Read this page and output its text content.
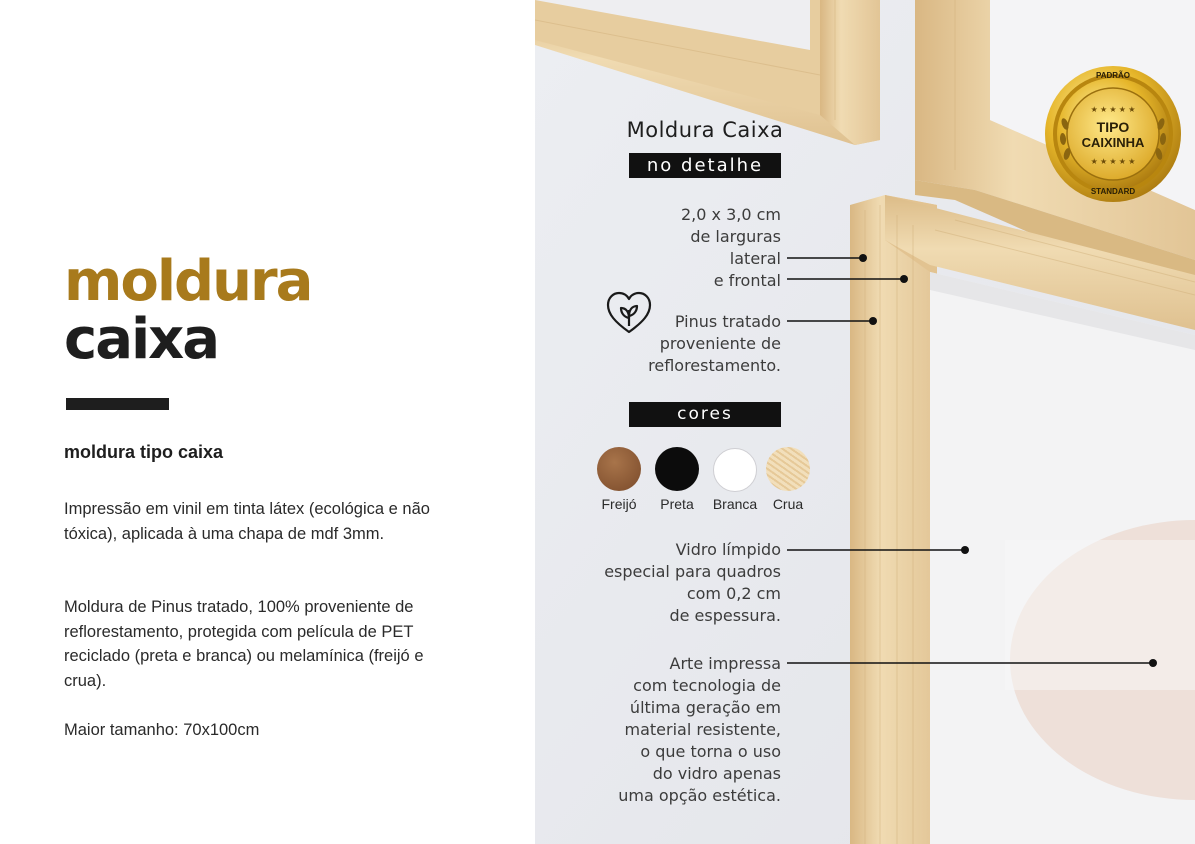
moldura
caixa
moldura tipo caixa

Impressão em vinil em tinta látex (ecológica e não tóxica), aplicada à uma chapa de mdf 3mm.

Moldura de Pinus tratado, 100% proveniente de reflorestamento, protegida com película de PET reciclado (preta e branca) ou melamínica (freijó e crua).

Maior tamanho: 70x100cm

Moldura Caixa
no detalhe
2,0 x 3,0 cm
de larguras
lateral
e frontal
Pinus tratado
proveniente de
reflorestamento.
cores
Freijó	Preta	Branca	Crua
Vidro límpido
especial para quadros
com 0,2 cm
de espessura.
Arte impressa
com tecnologia de
última geração em
material resistente,
o que torna o uso
do vidro apenas
uma opção estética.
★ ★ ★ ★ ★
★ ★ ★ ★ ★
PADRÃO
TIPO
CAIXINHA
STANDARD
